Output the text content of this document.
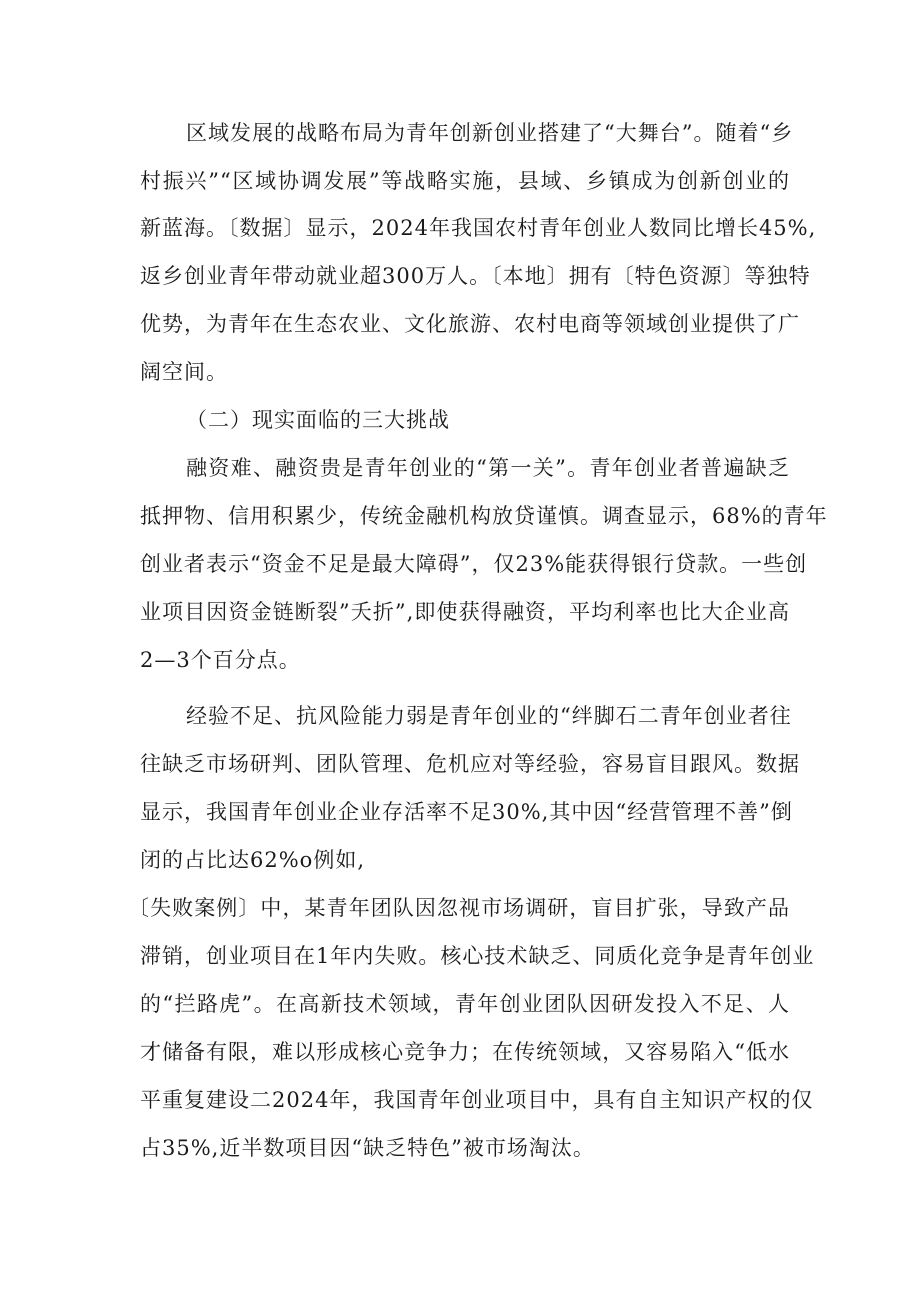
区域发展的战略布局为青年创新创业搭建了“大舞台”。随着“乡
村振兴”“区域协调发展”等战略实施，县域、乡镇成为创新创业的
新蓝海。〔数据〕显示，2024年我国农村青年创业人数同比增长45%,
返乡创业青年带动就业超300万人。〔本地〕拥有〔特色资源〕等独特
优势，为青年在生态农业、文化旅游、农村电商等领域创业提供了广
阔空间。
（二）现实面临的三大挑战
融资难、融资贵是青年创业的“第一关”。青年创业者普遍缺乏
抵押物、信用积累少，传统金融机构放贷谨慎。调查显示，68%的青年
创业者表示“资金不足是最大障碍”，仅23%能获得银行贷款。一些创
业项目因资金链断裂”夭折”,即使获得融资，平均利率也比大企业高
2—3个百分点。
经验不足、抗风险能力弱是青年创业的“绊脚石二青年创业者往
往缺乏市场研判、团队管理、危机应对等经验，容易盲目跟风。数据
显示，我国青年创业企业存活率不足30%,其中因“经营管理不善”倒
闭的占比达62%o例如,
〔失败案例〕中，某青年团队因忽视市场调研，盲目扩张，导致产品
滞销，创业项目在1年内失败。核心技术缺乏、同质化竞争是青年创业
的“拦路虎”。在高新技术领域，青年创业团队因研发投入不足、人
才储备有限，难以形成核心竞争力；在传统领域，又容易陷入“低水
平重复建设二2024年，我国青年创业项目中，具有自主知识产权的仅
占35%,近半数项目因“缺乏特色”被市场淘汰。
